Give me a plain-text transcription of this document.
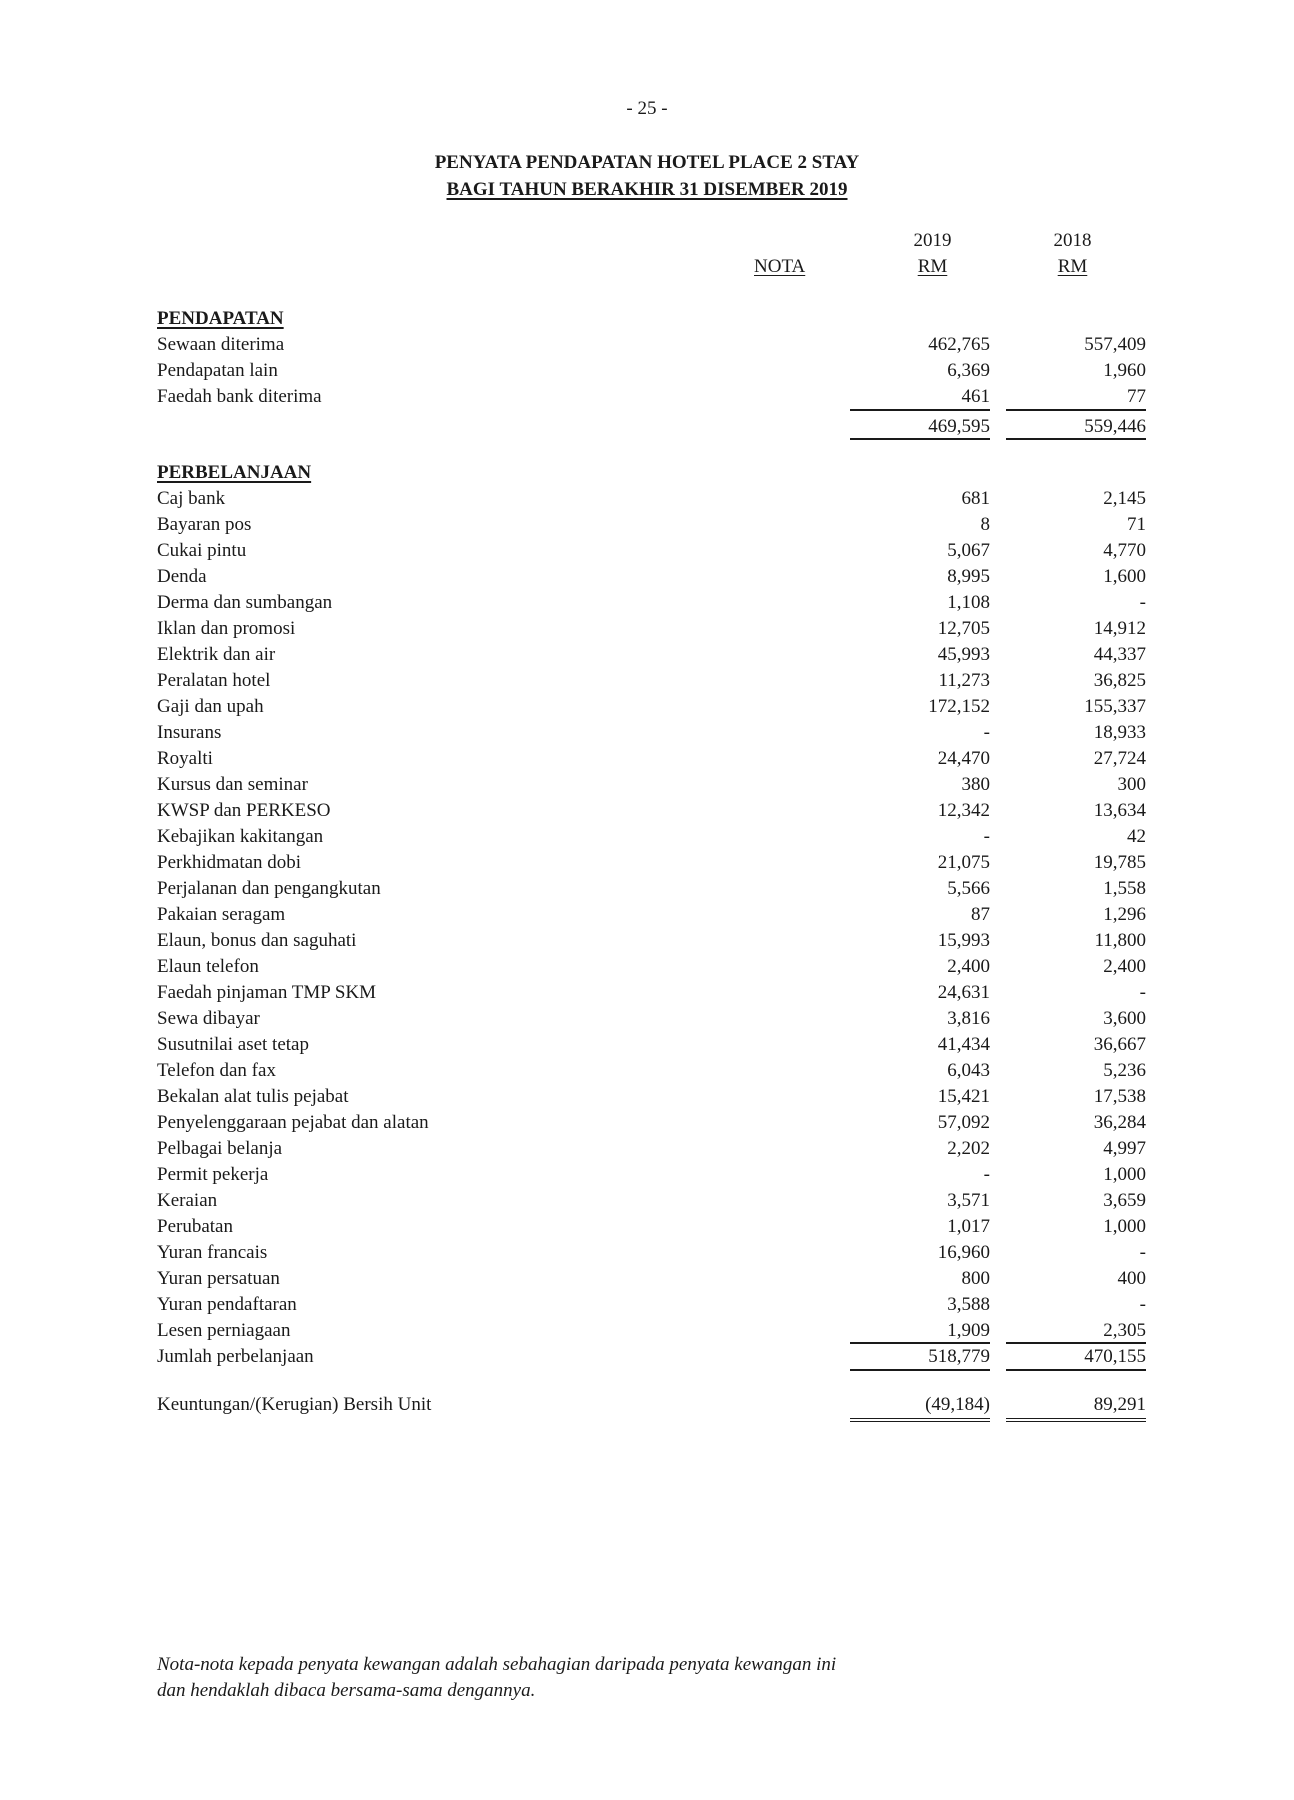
- 25 -
PENYATA PENDAPATAN HOTEL PLACE 2 STAY
BAGI TAHUN BERAKHIR 31 DISEMBER 2019
NOTA
2019	2018
RM	RM
PENDAPATAN
Sewaan diterima	462,765	557,409
Pendapatan lain	6,369	1,960
Faedah bank diterima	461	77
469,595	559,446
PERBELANJAAN
Caj bank	681	2,145
Bayaran pos	8	71
Cukai pintu	5,067	4,770
Denda	8,995	1,600
Derma dan sumbangan	1,108	-
Iklan dan promosi	12,705	14,912
Elektrik dan air	45,993	44,337
Peralatan hotel	11,273	36,825
Gaji dan upah	172,152	155,337
Insurans	-	18,933
Royalti	24,470	27,724
Kursus dan seminar	380	300
KWSP dan PERKESO	12,342	13,634
Kebajikan kakitangan	-	42
Perkhidmatan dobi	21,075	19,785
Perjalanan dan pengangkutan	5,566	1,558
Pakaian seragam	87	1,296
Elaun, bonus dan saguhati	15,993	11,800
Elaun telefon	2,400	2,400
Faedah pinjaman TMP SKM	24,631	-
Sewa dibayar	3,816	3,600
Susutnilai aset tetap	41,434	36,667
Telefon dan fax	6,043	5,236
Bekalan alat tulis pejabat	15,421	17,538
Penyelenggaraan pejabat dan alatan	57,092	36,284
Pelbagai belanja	2,202	4,997
Permit pekerja	-	1,000
Keraian	3,571	3,659
Perubatan	1,017	1,000
Yuran francais	16,960	-
Yuran persatuan	800	400
Yuran pendaftaran	3,588	-
Lesen perniagaan	1,909	2,305
Jumlah perbelanjaan	518,779	470,155
Keuntungan/(Kerugian) Bersih Unit	(49,184)	89,291
Nota-nota kepada penyata kewangan adalah sebahagian daripada penyata kewangan ini
dan hendaklah dibaca bersama-sama dengannya.
